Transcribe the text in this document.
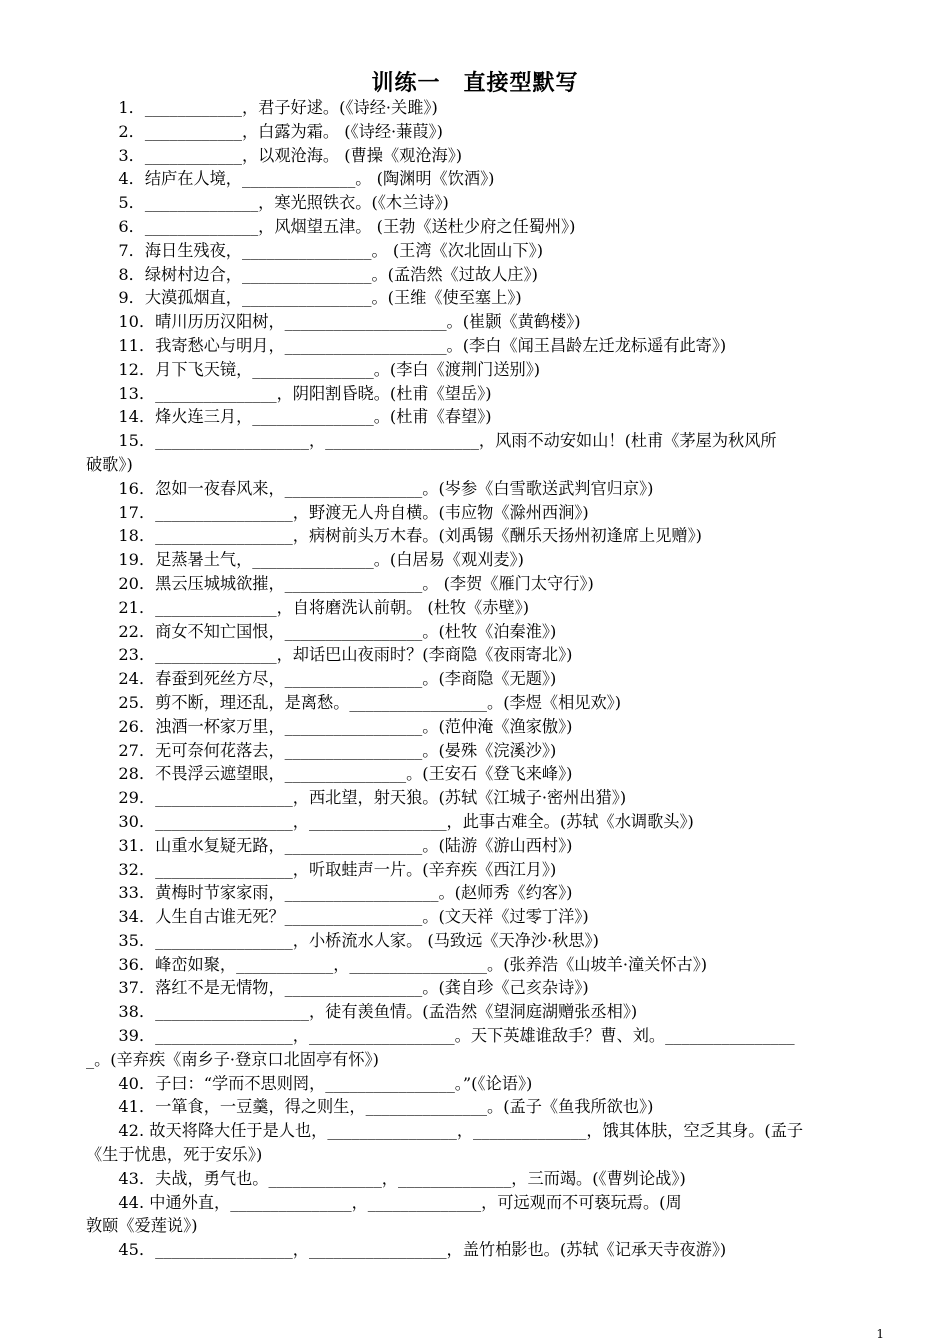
训练一　直接型默写
　　1．____________，君子好逑。(《诗经·关雎》)
　　2．____________，白露为霜。 (《诗经·蒹葭》)
　　3．____________，以观沧海。 (曹操《观沧海》)
　　4．结庐在人境，______________。 (陶渊明《饮酒》)
　　5．______________，寒光照铁衣。(《木兰诗》)
　　6．______________，风烟望五津。 (王勃《送杜少府之任蜀州》)
　　7．海日生残夜，________________。 (王湾《次北固山下》)
　　8．绿树村边合，________________。(孟浩然《过故人庄》)
　　9．大漠孤烟直，________________。(王维《使至塞上》)
　　10．晴川历历汉阳树，____________________。(崔颢《黄鹤楼》)
　　11．我寄愁心与明月，____________________。(李白《闻王昌龄左迁龙标遥有此寄》)
　　12．月下飞天镜，_______________。(李白《渡荆门送别》)
　　13．_______________，阴阳割昏晓。(杜甫《望岳》)
　　14．烽火连三月，_______________。(杜甫《春望》)
　　15．___________________，___________________，风雨不动安如山！(杜甫《茅屋为秋风所
破歌》)
　　16．忽如一夜春风来，_________________。(岑参《白雪歌送武判官归京》)
　　17．_________________，野渡无人舟自横。(韦应物《滁州西涧》)
　　18．_________________，病树前头万木春。(刘禹锡《酬乐天扬州初逢席上见赠》)
　　19．足蒸暑土气，_______________。(白居易《观刈麦》)
　　20．黑云压城城欲摧，_________________。 (李贺《雁门太守行》)
　　21．_______________，自将磨洗认前朝。 (杜牧《赤壁》)
　　22．商女不知亡国恨，_________________。(杜牧《泊秦淮》)
　　23．_______________，却话巴山夜雨时？(李商隐《夜雨寄北》)
　　24．春蚕到死丝方尽，_________________。(李商隐《无题》)
　　25．剪不断，理还乱，是离愁。_________________。(李煜《相见欢》)
　　26．浊酒一杯家万里，_________________。(范仲淹《渔家傲》)
　　27．无可奈何花落去，_________________。(晏殊《浣溪沙》)
　　28．不畏浮云遮望眼，_______________。(王安石《登飞来峰》)
　　29．_________________，西北望，射天狼。(苏轼《江城子·密州出猎》)
　　30．_________________，_________________，此事古难全。(苏轼《水调歌头》)
　　31．山重水复疑无路，_________________。(陆游《游山西村》)
　　32．_________________，听取蛙声一片。(辛弃疾《西江月》)
　　33．黄梅时节家家雨，___________________。(赵师秀《约客》)
　　34．人生自古谁无死？_________________。(文天祥《过零丁洋》)
　　35．_________________，小桥流水人家。 (马致远《天净沙·秋思》)
　　36．峰峦如聚，____________，_________________。(张养浩《山坡羊·潼关怀古》)
　　37．落红不是无情物，_________________。(龚自珍《己亥杂诗》)
　　38．___________________，徒有羡鱼情。(孟浩然《望洞庭湖赠张丞相》)
　　39．_________________，__________________。天下英雄谁敌手？曹、刘。________________
_。(辛弃疾《南乡子·登京口北固亭有怀》)
　　40．子曰：“学而不思则罔，________________。”(《论语》)
　　41．一箪食，一豆羹，得之则生，_______________。(孟子《鱼我所欲也》)
　　42. 故天将降大任于是人也，________________，______________，饿其体肤，空乏其身。(孟子
《生于忧患，死于安乐》)
　　43．夫战，勇气也。______________，______________，三而竭。(《曹刿论战》)
　　44. 中通外直，_______________，______________，可远观而不可亵玩焉。(周
敦颐《爱莲说》)
　　45．_________________，_________________，盖竹柏影也。(苏轼《记承天寺夜游》)
1
